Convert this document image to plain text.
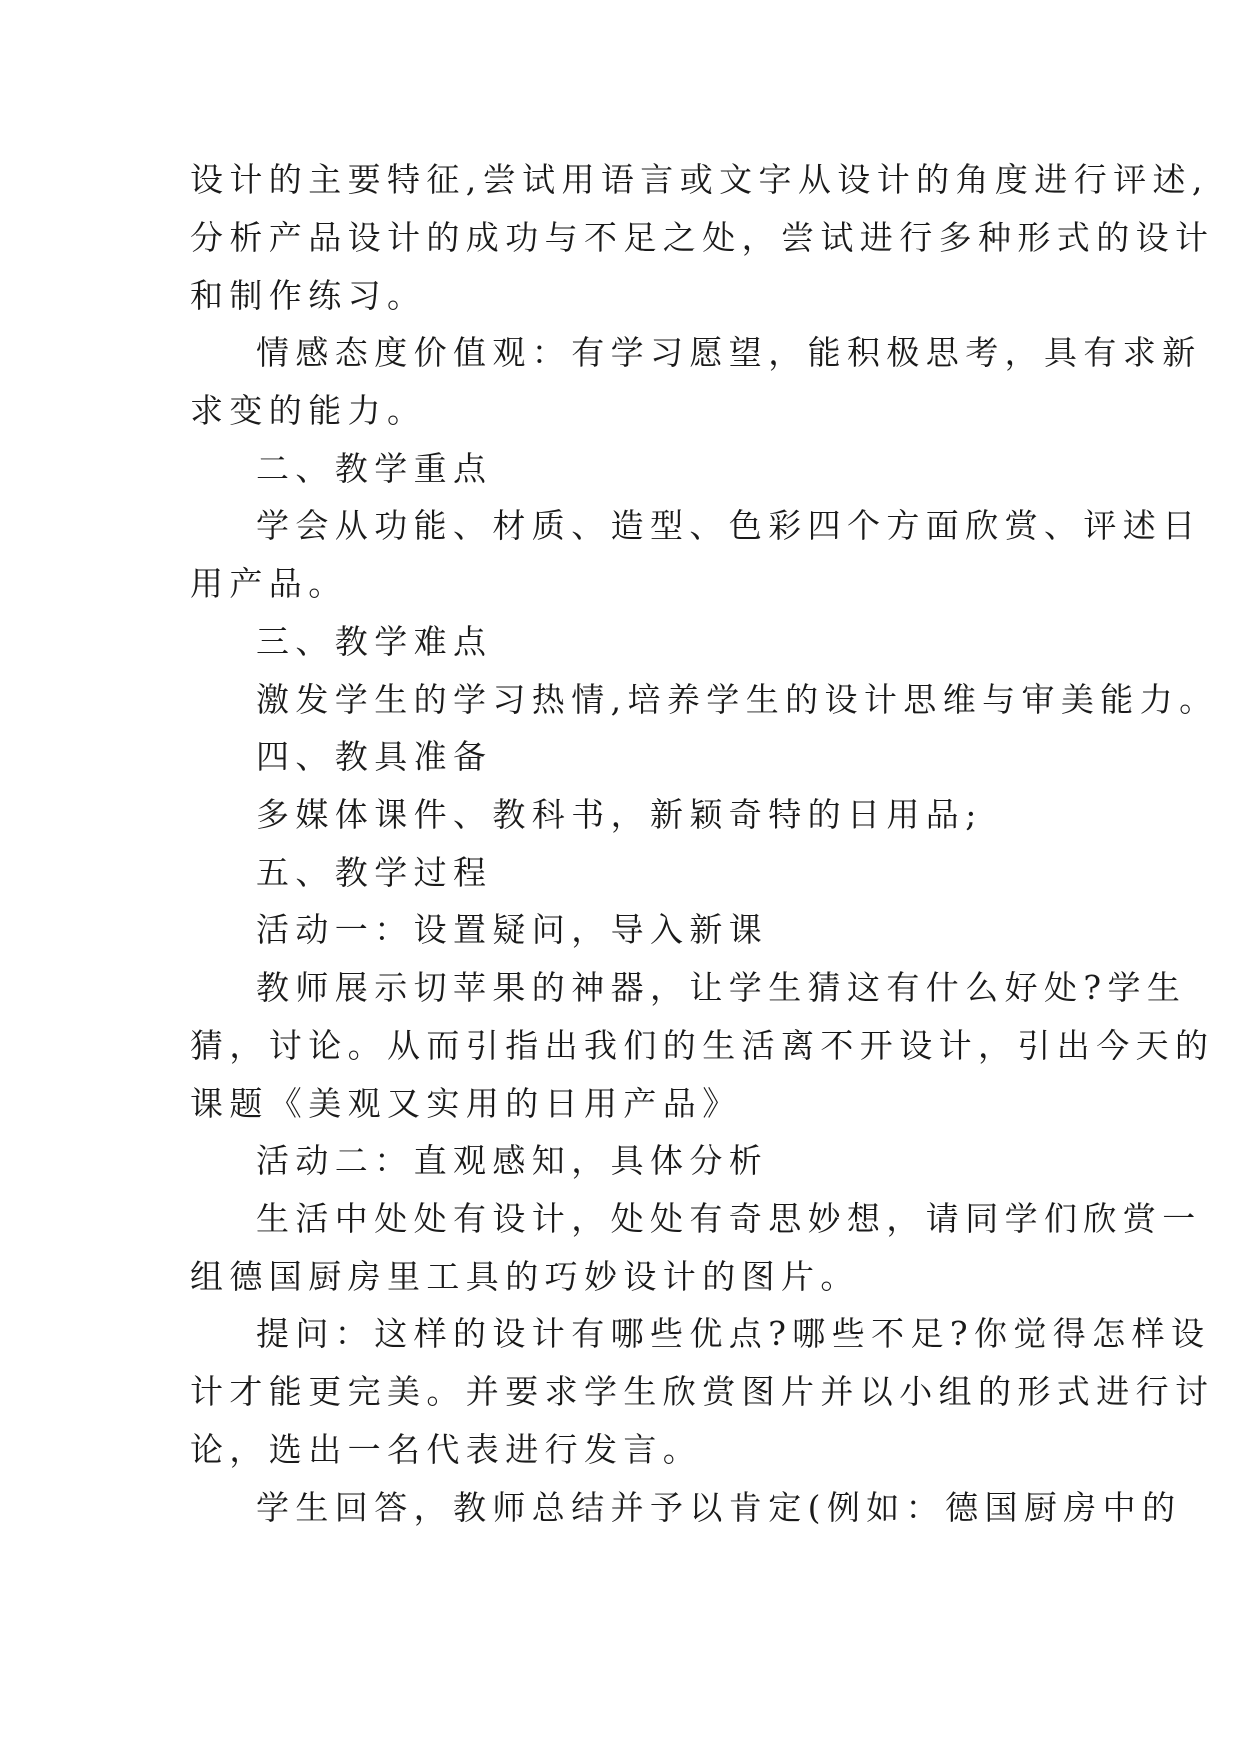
设计的主要特征,尝试用语言或文字从设计的角度进行评述,
分析产品设计的成功与不足之处，尝试进行多种形式的设计
和制作练习。
情感态度价值观：有学习愿望，能积极思考，具有求新
求变的能力。
二、教学重点
学会从功能、材质、造型、色彩四个方面欣赏、评述日
用产品。
三、教学难点
激发学生的学习热情,培养学生的设计思维与审美能力。
四、教具准备
多媒体课件、教科书，新颖奇特的日用品;
五、教学过程
活动一：设置疑问，导入新课
教师展示切苹果的神器，让学生猜这有什么好处?学生
猜，讨论。从而引指出我们的生活离不开设计，引出今天的
课题《美观又实用的日用产品》
活动二：直观感知，具体分析
生活中处处有设计，处处有奇思妙想，请同学们欣赏一
组德国厨房里工具的巧妙设计的图片。
提问：这样的设计有哪些优点?哪些不足?你觉得怎样设
计才能更完美。并要求学生欣赏图片并以小组的形式进行讨
论，选出一名代表进行发言。
学生回答，教师总结并予以肯定(例如：德国厨房中的
